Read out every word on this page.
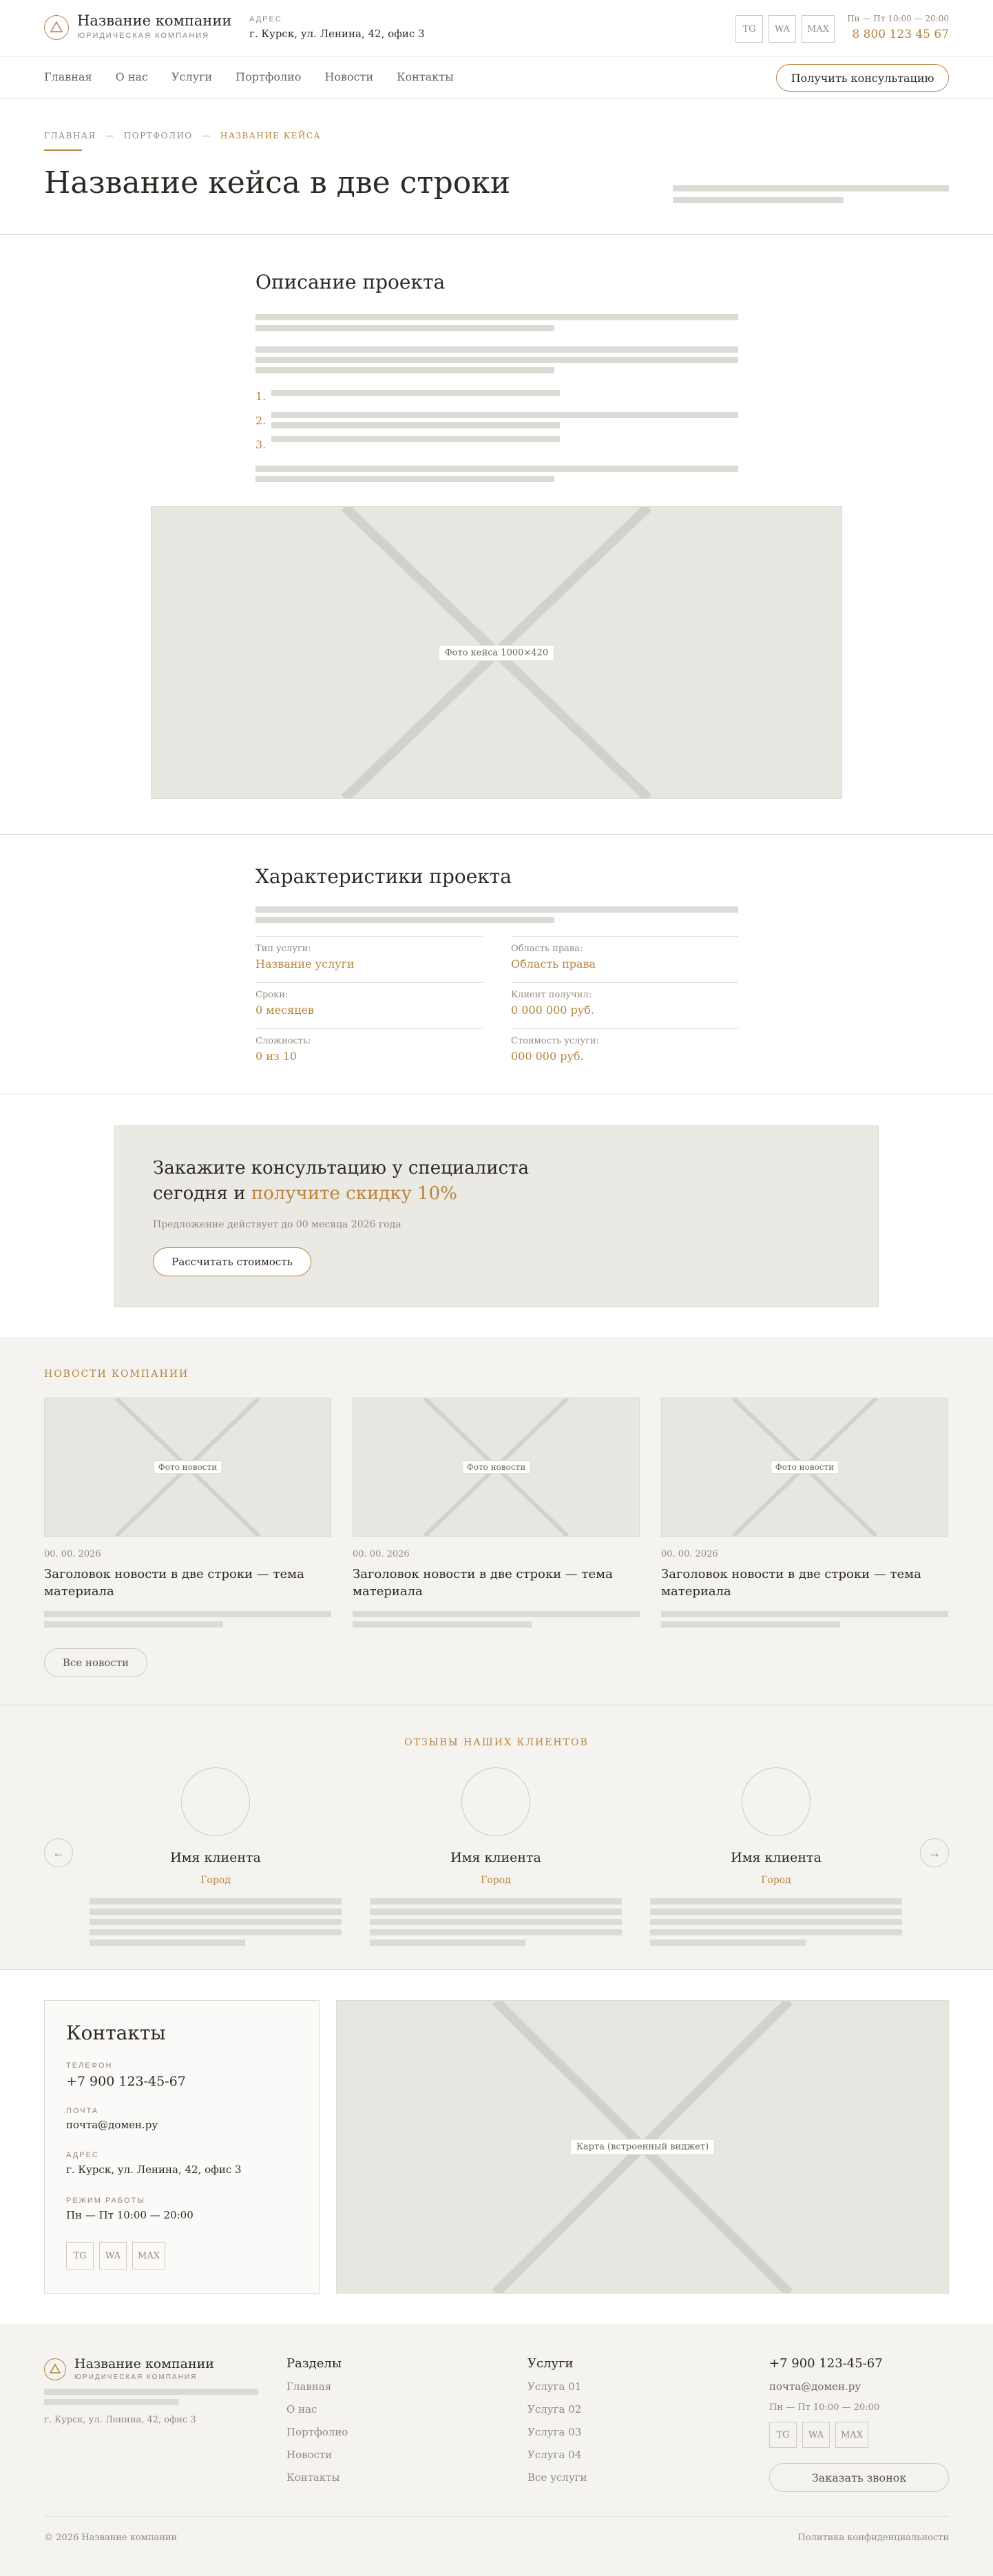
Название компании
ЮРИДИЧЕСКАЯ КОМПАНИЯ
АДРЕС
г. Курск, ул. Ленина, 42, офис 3	TG	WA	MAX
Пн — Пт 10:00 — 20:00
8 800 123 45 67
Главная О нас Услуги Портфолио Новости Контакты	Получить консультацию
ГЛАВНАЯ — ПОРТФОЛИО — НАЗВАНИЕ КЕЙСА
Название кейса в две строки
Описание проекта
1.
2.
3.
Фото кейса 1000×420
Характеристики проекта
Тип услуги:
Название услуги
Область права:
Область права
Сроки:
0 месяцев
Клиент получил:
0 000 000 руб.
Сложность:
0 из 10
Стоимость услуги:
000 000 руб.
Закажите консультацию у специалиста
сегодня и получите скидку 10%
Предложение действует до 00 месяца 2026 года
Рассчитать стоимость
НОВОСТИ КОМПАНИИ
Фото новости
00. 00. 2026
Заголовок новости в две строки — тема материала
Фото новости
00. 00. 2026
Заголовок новости в две строки — тема материала
Фото новости
00. 00. 2026
Заголовок новости в две строки — тема материала
Все новости
ОТЗЫВЫ НАШИХ КЛИЕНТОВ
←	→
Имя клиента
Город
Имя клиента
Город
Имя клиента
Город
Контакты
ТЕЛЕФОН
+7 900 123-45-67
ПОЧТА
почта@домен.ру
АДРЕС
г. Курск, ул. Ленина, 42, офис 3
РЕЖИМ РАБОТЫ
Пн — Пт 10:00 — 20:00
TG	WA	MAX
Карта (встроенный виджет)
Название компании
ЮРИДИЧЕСКАЯ КОМПАНИЯ
г. Курск, ул. Ленина, 42, офис 3
Разделы
Главная
О нас
Портфолио
Новости
Контакты
Услуги
Услуга 01
Услуга 02
Услуга 03
Услуга 04
Все услуги
+7 900 123-45-67
почта@домен.ру
Пн — Пт 10:00 — 20:00
TG	WA	MAX
Заказать звонок
© 2026 Название компании	Политика конфиденциальности
